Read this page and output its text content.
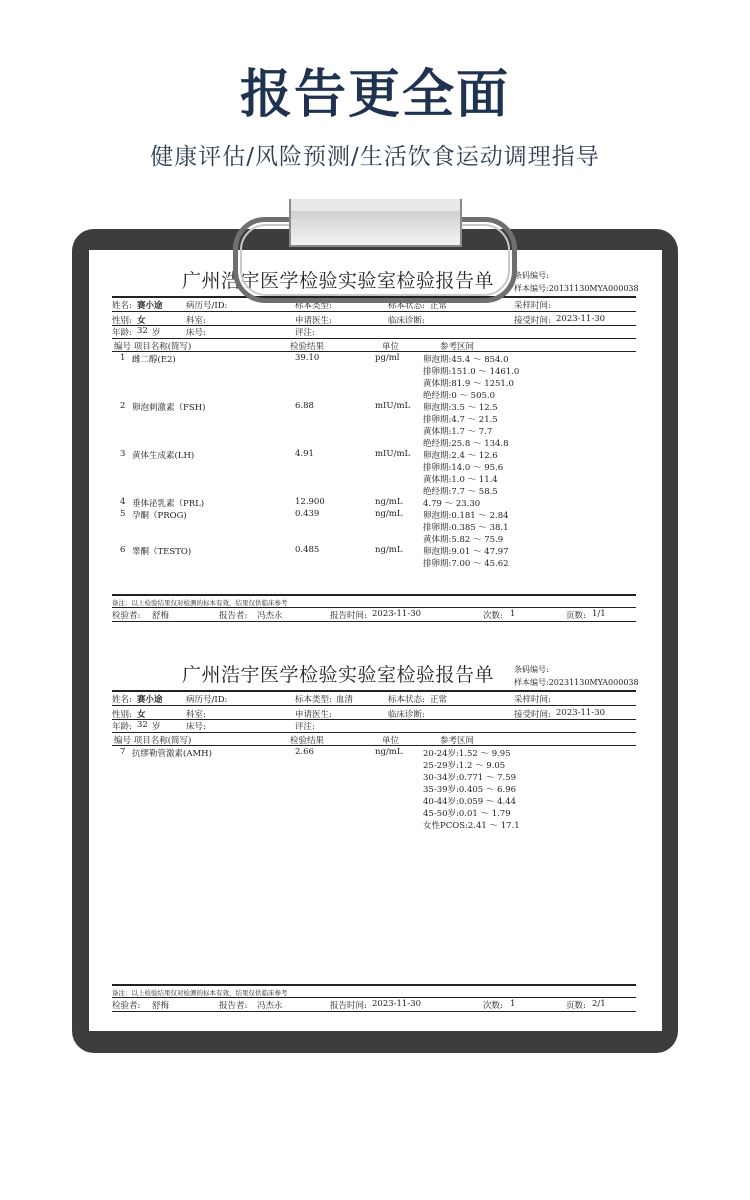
报告更全面
健康评估/风险预测/生活饮食运动调理指导
广州浩宇医学检验实验室检验报告单 条码编号:
样本编号:20131130MYA000038
姓名: 赛小途	病历号/ID:	标本类型:	标本状态: 正常	采样时间:
性别: 女	科室:	申请医生:	临床诊断:	接受时间: 2023-11-30
年龄: 32 岁	床号:	评注:
编号 项目名称(简写)	检验结果	单位	参考区间
1 雌二醇(E2)	39.10	pg/ml	卵泡期:45.4 ～ 854.0
排卵期:151.0 ～ 1461.0
黄体期:81.9 ～ 1251.0
绝经期:0 ～ 505.0
2 卵泡刺激素（FSH)	6.88	mIU/mL 卵泡期:3.5 ～ 12.5
排卵期:4.7 ～ 21.5
黄体期:1.7 ～ 7.7
绝经期:25.8 ～ 134.8
3 黄体生成素(LH)	4.91	mIU/mL 卵泡期:2.4 ～ 12.6
排卵期:14.0 ～ 95.6
黄体期:1.0 ～ 11.4
绝经期:7.7 ～ 58.5
4 垂体泌乳素（PRL)	12.900	ng/mL 4.79 ～ 23.30
5 孕酮（PROG)	0.439	ng/mL 卵泡期:0.181 ～ 2.84
排卵期:0.385 ～ 38.1
黄体期:5.82 ～ 75.9
6 睾酮（TESTO)	0.485	ng/mL 卵泡期:9.01 ～ 47.97
排卵期:7.00 ～ 45.62
备注：以上检验结果仅对检测的标本有效，结果仅供临床参考
检验者: 舒梅	报告者: 冯杰永	报告时间: 2023-11-30	次数: 1	页数: 1/1
广州浩宇医学检验实验室检验报告单 条码编号:
样本编号:20231130MYA000038
姓名: 赛小途	病历号/ID:	标本类型: 血清	标本状态: 正常	采样时间:
性别: 女	科室:	申请医生:	临床诊断:	接受时间: 2023-11-30
年龄: 32 岁	床号:	评注:
编号 项目名称(简写)	检验结果	单位	参考区间
7 抗缪勒管激素(AMH)	2.66	ng/mL 20-24岁:1.52 ～ 9.95
25-29岁:1.2 ～ 9.05
30-34岁:0.771 ～ 7.59
35-39岁:0.405 ～ 6.96
40-44岁:0.059 ～ 4.44
45-50岁:0.01 ～ 1.79
女性PCOS:2.41 ～ 17.1
备注：以上检验结果仅对检测的标本有效，结果仅供临床参考
检验者: 舒梅	报告者: 冯杰永	报告时间: 2023-11-30	次数: 1	页数: 2/1
